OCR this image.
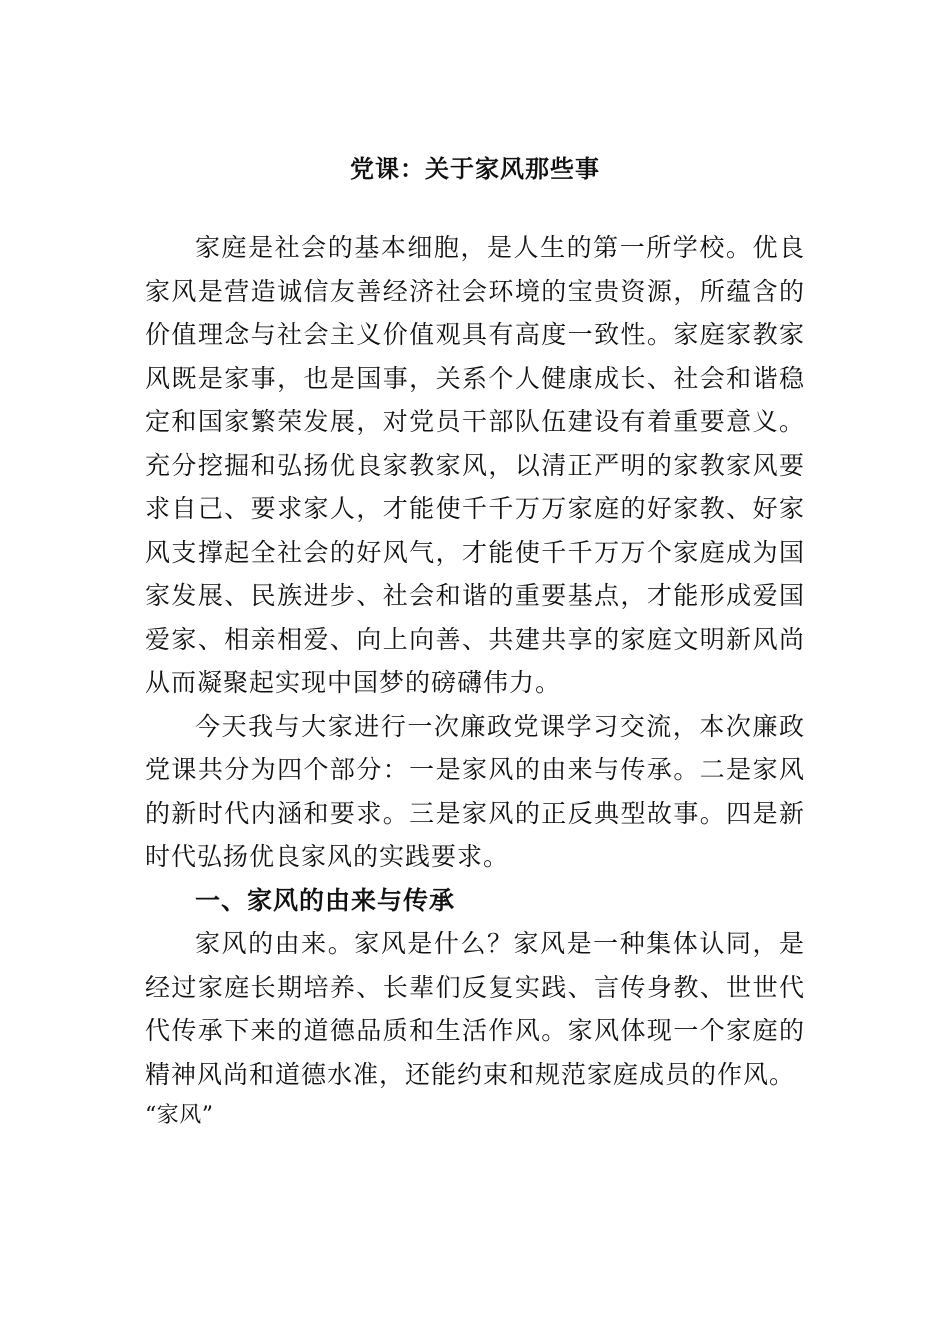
党课：关于家风那些事

家庭是社会的基本细胞，是人生的第一所学校。优良家风是营造诚信友善经济社会环境的宝贵资源，所蕴含的价值理念与社会主义价值观具有高度一致性。家庭家教家风既是家事，也是国事，关系个人健康成长、社会和谐稳定和国家繁荣发展，对党员干部队伍建设有着重要意义。充分挖掘和弘扬优良家教家风，以清正严明的家教家风要求自己、要求家人，才能使千千万万家庭的好家教、好家风支撑起全社会的好风气，才能使千千万万个家庭成为国家发展、民族进步、社会和谐的重要基点，才能形成爱国爱家、相亲相爱、向上向善、共建共享的家庭文明新风尚从而凝聚起实现中国梦的磅礴伟力。

今天我与大家进行一次廉政党课学习交流，本次廉政党课共分为四个部分：一是家风的由来与传承。二是家风的新时代内涵和要求。三是家风的正反典型故事。四是新时代弘扬优良家风的实践要求。

一、家风的由来与传承

家风的由来。家风是什么？家风是一种集体认同，是经过家庭长期培养、长辈们反复实践、言传身教、世世代代传承下来的道德品质和生活作风。家风体现一个家庭的精神风尚和道德水准，还能约束和规范家庭成员的作风。

“家风”
